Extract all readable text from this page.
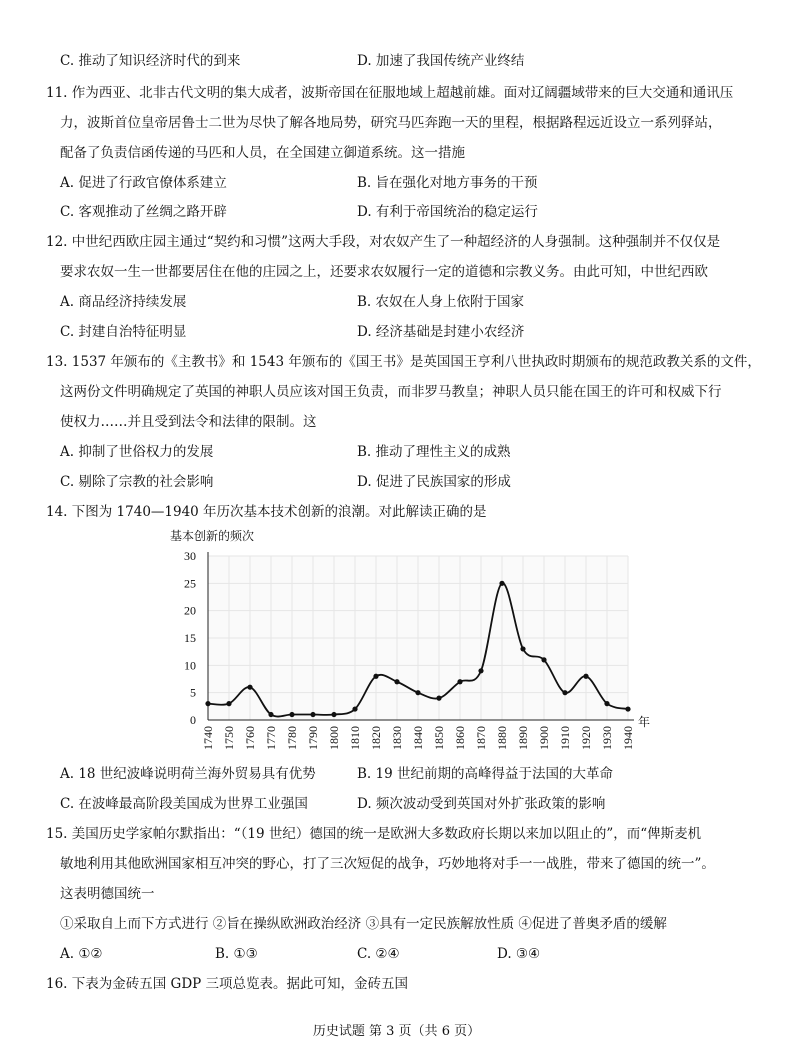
C. 推动了知识经济时代的到来	D. 加速了我国传统产业终结
11. 作为西亚、北非古代文明的集大成者，波斯帝国在征服地域上超越前雄。面对辽阔疆域带来的巨大交通和通讯压
力，波斯首位皇帝居鲁士二世为尽快了解各地局势，研究马匹奔跑一天的里程，根据路程远近设立一系列驿站，
配备了负责信函传递的马匹和人员，在全国建立御道系统。这一措施
A. 促进了行政官僚体系建立	B. 旨在强化对地方事务的干预
C. 客观推动了丝绸之路开辟	D. 有利于帝国统治的稳定运行
12. 中世纪西欧庄园主通过“契约和习惯”这两大手段，对农奴产生了一种超经济的人身强制。这种强制并不仅仅是
要求农奴一生一世都要居住在他的庄园之上，还要求农奴履行一定的道德和宗教义务。由此可知，中世纪西欧
A. 商品经济持续发展	B. 农奴在人身上依附于国家
C. 封建自治特征明显	D. 经济基础是封建小农经济
13. 1537 年颁布的《主教书》和 1543 年颁布的《国王书》是英国国王亨利八世执政时期颁布的规范政教关系的文件，
这两份文件明确规定了英国的神职人员应该对国王负责，而非罗马教皇；神职人员只能在国王的许可和权威下行
使权力……并且受到法令和法律的限制。这
A. 抑制了世俗权力的发展	B. 推动了理性主义的成熟
C. 剔除了宗教的社会影响	D. 促进了民族国家的形成
14. 下图为 1740—1940 年历次基本技术创新的浪潮。对此解读正确的是
0
5
10
15
20
25
30
1740 1750 1760 1770 1780 1790 1800 1810 1820 1830 1840 1850 1860 1870 1880 1890 1900 1910 1920 1930 1940
基本创新的频次
年
A. 18 世纪波峰说明荷兰海外贸易具有优势	B. 19 世纪前期的高峰得益于法国的大革命
C. 在波峰最高阶段美国成为世界工业强国	D. 频次波动受到英国对外扩张政策的影响
15. 美国历史学家帕尔默指出：“（19 世纪）德国的统一是欧洲大多数政府长期以来加以阻止的”，而“俾斯麦机
敏地利用其他欧洲国家相互冲突的野心，打了三次短促的战争，巧妙地将对手一一战胜，带来了德国的统一”。
这表明德国统一
①采取自上而下方式进行 ②旨在操纵欧洲政治经济 ③具有一定民族解放性质 ④促进了普奥矛盾的缓解
A. ①②	B. ①③	C. ②④	D. ③④
16. 下表为金砖五国 GDP 三项总览表。据此可知，金砖五国
历史试题 第 3 页（共 6 页）
